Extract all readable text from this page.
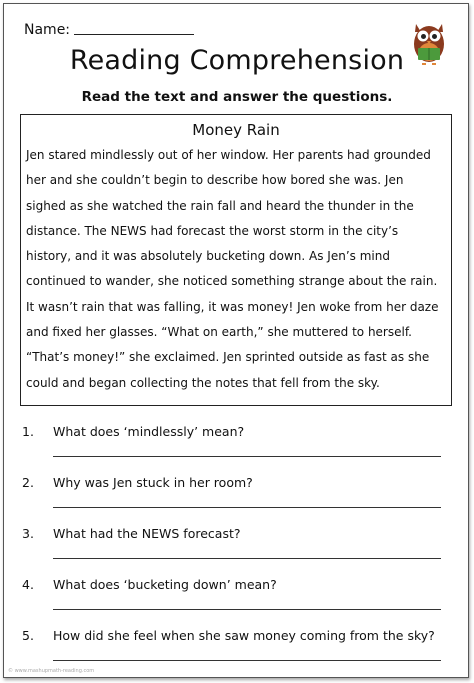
Name:
Reading Comprehension
Read the text and answer the questions.
Money Rain
Jen stared mindlessly out of her window. Her parents had grounded
her and she couldn’t begin to describe how bored she was. Jen
sighed as she watched the rain fall and heard the thunder in the
distance. The NEWS had forecast the worst storm in the city’s
history, and it was absolutely bucketing down. As Jen’s mind
continued to wander, she noticed something strange about the rain.
It wasn’t rain that was falling, it was money! Jen woke from her daze
and fixed her glasses. “What on earth,” she muttered to herself.
“That’s money!” she exclaimed. Jen sprinted outside as fast as she
could and began collecting the notes that fell from the sky.
1. What does ‘mindlessly’ mean?
2. Why was Jen stuck in her room?
3. What had the NEWS forecast?
4. What does ‘bucketing down’ mean?
5. How did she feel when she saw money coming from the sky?
© www.mashupmath-reading.com
